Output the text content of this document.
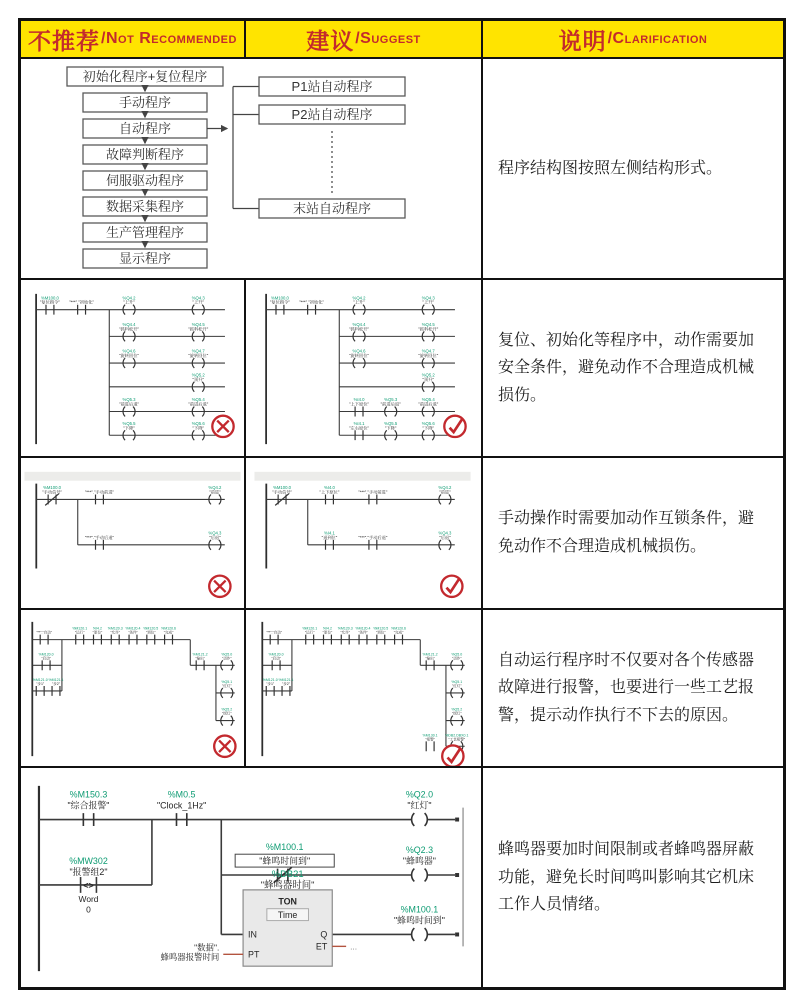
不推荐 /Not Recommended	建议 /Suggest	说明 /Clarification
初始化程序+复位程序
手动程序
自动程序
故障判断程序
伺服驱动程序
数据采集程序
生产管理程序
显示程序
P1站自动程序
P2站自动程序
末站自动程序
程序结构图按照左侧结构形式。
%M100.0
"复位指令" "***"."初始化"
%Q4.2
"上升"
%Q4.3
"上升"
%Q4.4
"抓料松开"
%Q4.5
"抓料松开"
%Q4.6
"旋转回位"
%Q4.7
"旋转回位"
%Q5.2
"顶升"
%Q5.3
"前进后退"
%Q5.4
"前进后退"
%Q5.5
"下降"
%Q5.6
"下降"
%M100.0
"复位指令" "***"."初始化"
%Q4.2
"上升"
%Q4.3
"上升"
%Q4.4
"抓料松开"
%Q4.5
"抓料松开"
%Q4.6
"旋转回位"
%Q4.7
"旋转回位"
%Q5.2
"顶升"
%I4.0
"上下原位"
%Q5.3
"前进后退"
%Q5.4
"前进后退"
%I4.1
"左右原位"
%Q5.5
"下降"
%Q5.6
"下降"
复位、初始化等程序中，动作需要加安全条件，避免动作不合理造成机械损伤。
%M100.0
"手动信号"	"***"."手动前进"
%Q4.2
"前进"
"***"."手动后退"
%Q4.3
"后退"
%M100.0
"手动信号"
%I4.0
"上下原位"	"***"."手动前进"
%Q4.2
"前进"
%I4.1
"退到位"	"***"."手动后退"
%Q4.3
"后退"
手动操作时需要加动作互锁条件，避免动作不合理造成机械损伤。
"**"."自动"
%M120.1
"运行"
%I4.2
"原位"
%M120.3
"允许"
%M120.4
"条件"
%M120.5
"到位"
%M120.6
"完成"
%M120.0
"启动"
%M121.0
"步1"
%M121.1
"步2"
%M121.2
"输出"
%Q5.0
"动作"
%Q5.1
"红灯"
%Q5.2
"绿灯"
"**"."自动"
%M120.1
"运行"
%I4.2
"原位"
%M120.3
"允许"
%M120.4
"条件"
%M120.5
"到位"
%M120.6
"完成"
%M120.0
"启动"
%M121.0
"步1"
%M121.1
"步2"
%M121.2
"输出"
%Q5.0
"动作"
%Q5.1
"红灯"
%Q5.2
"绿灯"
%M130.1
"报警"
%DB2.DBX0.1
"工艺报警"
自动运行程序时不仅要对各个传感器故障进行报警，也要进行一些工艺报警，提示动作执行不下去的原因。
%M150.3
"综合报警"
%M0.5
"Clock_1Hz"
%Q2.0
"红灯"
%MW302
"报警组2"
<>
Word
0
%M100.1
"蜂鸣时间到"
%Q2.3
"蜂鸣器"
%DB21
"蜂鸣器时间"
TON
Time
IN
PT
Q
ET	...
"数据".
蜂鸣器报警时间
%M100.1
"蜂鸣时间到"
蜂鸣器要加时间限制或者蜂鸣器屏蔽功能，避免长时间鸣叫影响其它机床工作人员情绪。
